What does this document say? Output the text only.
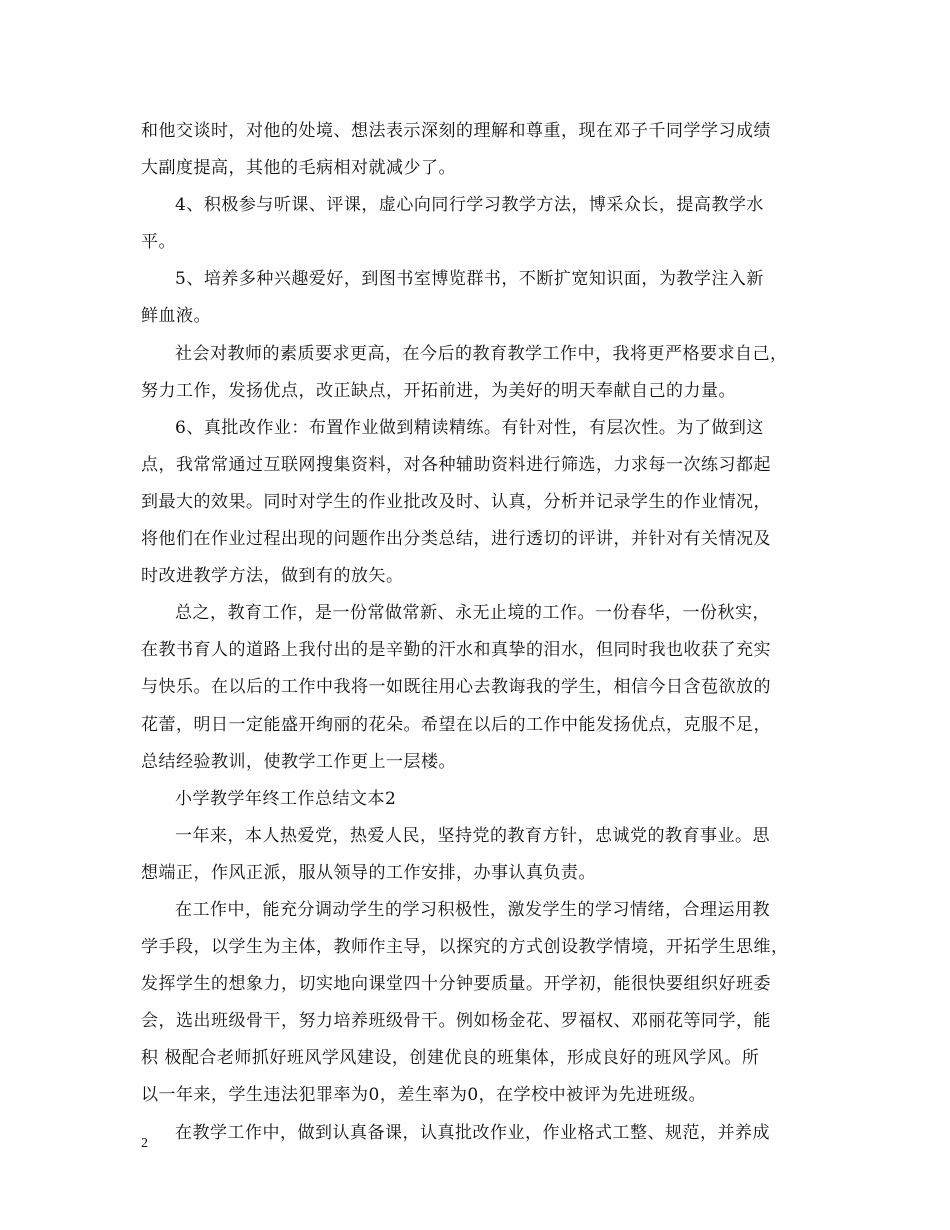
和他交谈时，对他的处境、想法表示深刻的理解和尊重，现在邓子千同学学习成绩
大副度提高，其他的毛病相对就减少了。
4、积极参与听课、评课，虚心向同行学习教学方法，博采众长，提高教学水
平。
5、培养多种兴趣爱好，到图书室博览群书，不断扩宽知识面，为教学注入新
鲜血液。
社会对教师的素质要求更高，在今后的教育教学工作中，我将更严格要求自己，
努力工作，发扬优点，改正缺点，开拓前进，为美好的明天奉献自己的力量。
6、真批改作业：布置作业做到精读精练。有针对性，有层次性。为了做到这
点，我常常通过互联网搜集资料，对各种辅助资料进行筛选，力求每一次练习都起
到最大的效果。同时对学生的作业批改及时、认真，分析并记录学生的作业情况，
将他们在作业过程出现的问题作出分类总结，进行透切的评讲，并针对有关情况及
时改进教学方法，做到有的放矢。
总之，教育工作，是一份常做常新、永无止境的工作。一份春华，一份秋实，
在教书育人的道路上我付出的是辛勤的汗水和真挚的泪水，但同时我也收获了充实
与快乐。在以后的工作中我将一如既往用心去教诲我的学生，相信今日含苞欲放的
花蕾，明日一定能盛开绚丽的花朵。希望在以后的工作中能发扬优点，克服不足，
总结经验教训，使教学工作更上一层楼。
小学教学年终工作总结文本2
一年来，本人热爱党，热爱人民，坚持党的教育方针，忠诚党的教育事业。思
想端正，作风正派，服从领导的工作安排，办事认真负责。
在工作中，能充分调动学生的学习积极性，激发学生的学习情绪，合理运用教
学手段，以学生为主体，教师作主导，以探究的方式创设教学情境，开拓学生思维，
发挥学生的想象力，切实地向课堂四十分钟要质量。开学初，能很快要组织好班委
会，选出班级骨干，努力培养班级骨干。例如杨金花、罗福权、邓丽花等同学，能
积 极配合老师抓好班风学风建设，创建优良的班集体，形成良好的班风学风。所
以一年来，学生违法犯罪率为0，差生率为0，在学校中被评为先进班级。
在教学工作中，做到认真备课，认真批改作业，作业格式工整、规范，并养成
2
